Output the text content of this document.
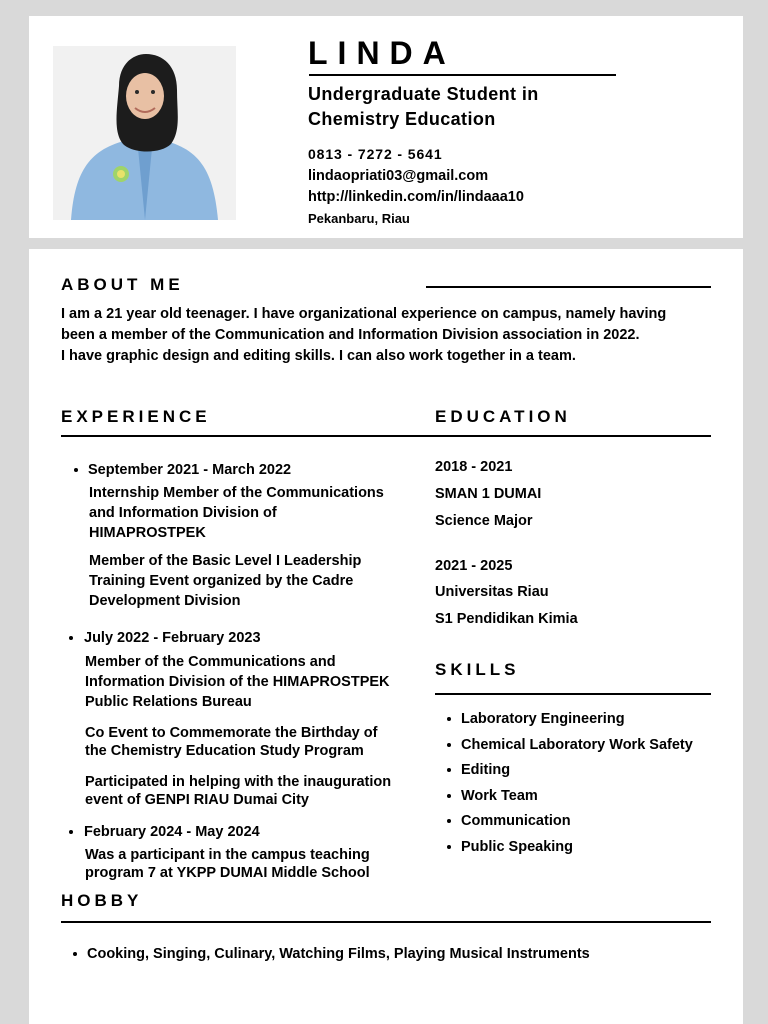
LINDA
Undergraduate Student in
Chemistry Education
0813 - 7272 - 5641
lindaopriati03@gmail.com
http://linkedin.com/in/lindaaa10
Pekanbaru, Riau
ABOUT ME

I am a 21 year old teenager. I have organizational experience on campus, namely having

been a member of the Communication and Information Division association in 2022.

I have graphic design and editing skills. I can also work together in a team.

EXPERIENCE	EDUCATION
September 2021 - March 2022
Internship Member of the Communications
and Information Division of
HIMAPROSTPEK
Member of the Basic Level I Leadership
Training Event organized by the Cadre
Development Division
July 2022 - February 2023
Member of the Communications and
Information Division of the HIMAPROSTPEK
Public Relations Bureau
Co Event to Commemorate the Birthday of
the Chemistry Education Study Program
Participated in helping with the inauguration
event of GENPI RIAU Dumai City
February 2024 - May 2024
Was a participant in the campus teaching
program 7 at YKPP DUMAI Middle School
2018 - 2021
SMAN 1 DUMAI
Science Major
2021 - 2025
Universitas Riau
S1 Pendidikan Kimia
SKILLS
Laboratory Engineering
Chemical Laboratory Work Safety
Editing
Work Team
Communication
Public Speaking
HOBBY
Cooking, Singing, Culinary, Watching Films, Playing Musical Instruments
